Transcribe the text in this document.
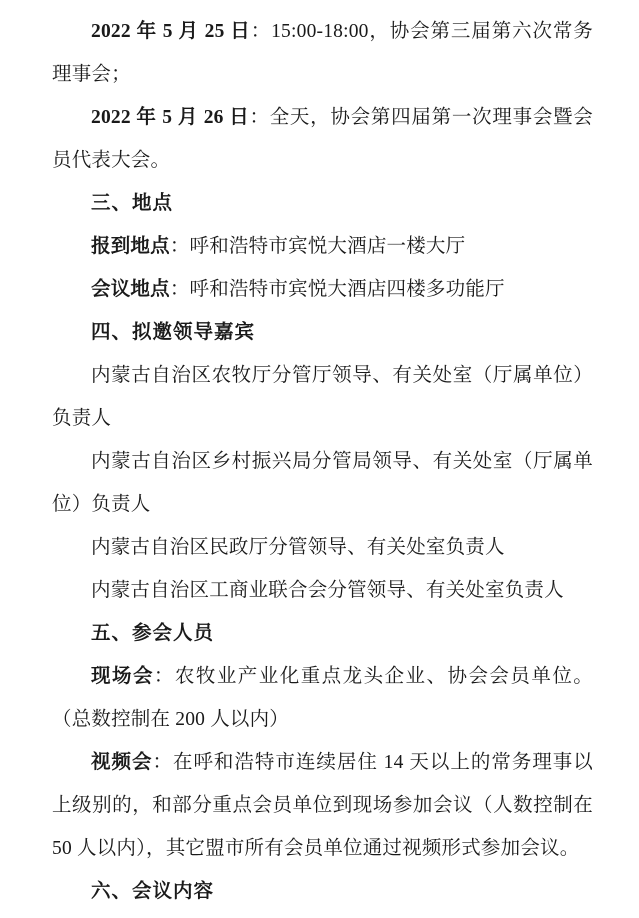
2022 年 5 月 25 日：15:00-18:00，协会第三届第六次常务理事会；

2022 年 5 月 26 日：全天，协会第四届第一次理事会暨会员代表大会。

三、地点

报到地点：呼和浩特市宾悦大酒店一楼大厅

会议地点：呼和浩特市宾悦大酒店四楼多功能厅

四、拟邀领导嘉宾

内蒙古自治区农牧厅分管厅领导、有关处室（厅属单位）负责人

内蒙古自治区乡村振兴局分管局领导、有关处室（厅属单位）负责人

内蒙古自治区民政厅分管领导、有关处室负责人

内蒙古自治区工商业联合会分管领导、有关处室负责人

五、参会人员

现场会：农牧业产业化重点龙头企业、协会会员单位。（总数控制在 200 人以内）

视频会：在呼和浩特市连续居住 14 天以上的常务理事以上级别的，和部分重点会员单位到现场参加会议（人数控制在 50 人以内），其它盟市所有会员单位通过视频形式参加会议。

六、会议内容
